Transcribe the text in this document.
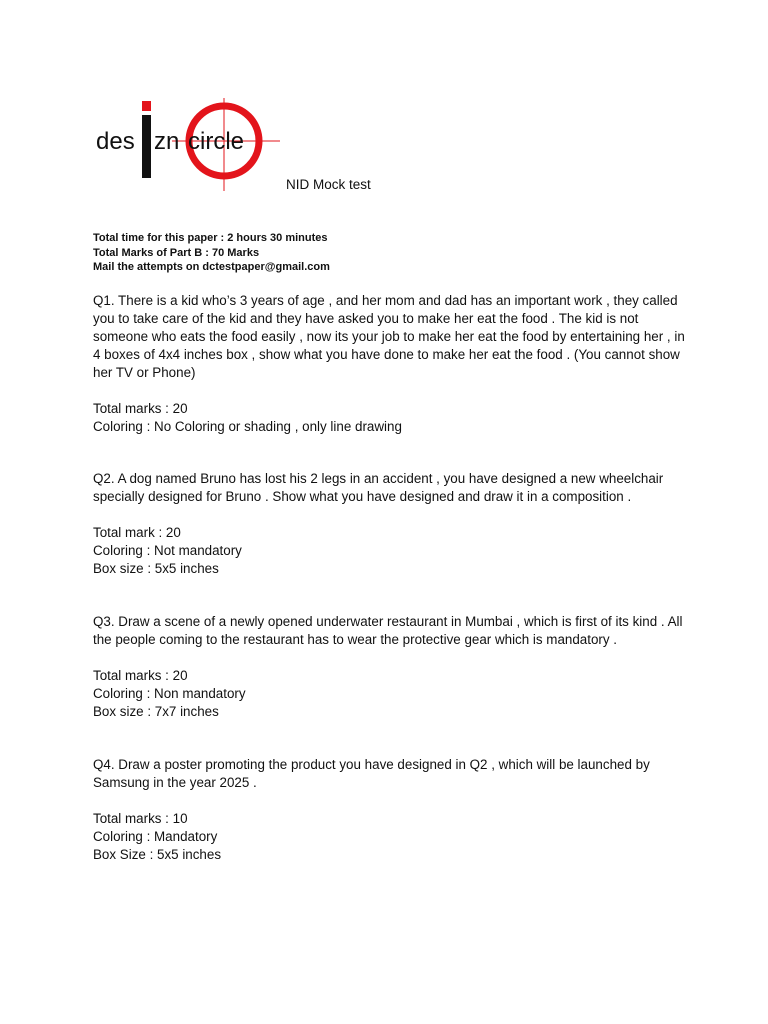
des zn circle
NID Mock test
Total time for this paper : 2 hours 30 minutes
Total Marks of Part B : 70 Marks
Mail the attempts on dctestpaper@gmail.com

Q1. There is a kid who’s 3 years of age , and her mom and dad has an important work , they called you to take care of the kid and they have asked you to make her eat the food . The kid is not someone who eats the food easily , now its your job to make her eat the food by entertaining her , in 4 boxes of 4x4 inches box , show what you have done to make her eat the food . (You cannot show her TV or Phone)

Total marks : 20

Coloring : No Coloring or shading , only line drawing

Q2. A dog named Bruno has lost his 2 legs in an accident , you have designed a new wheelchair specially designed for Bruno . Show what you have designed and draw it in a composition .

Total mark : 20

Coloring : Not mandatory

Box size : 5x5 inches

Q3. Draw a scene of a newly opened underwater restaurant in Mumbai , which is first of its kind . All the people coming to the restaurant has to wear the protective gear which is mandatory .

Total marks : 20

Coloring : Non mandatory

Box size : 7x7 inches

Q4. Draw a poster promoting the product you have designed in Q2 , which will be launched by Samsung in the year 2025 .

Total marks : 10

Coloring : Mandatory

Box Size : 5x5 inches
